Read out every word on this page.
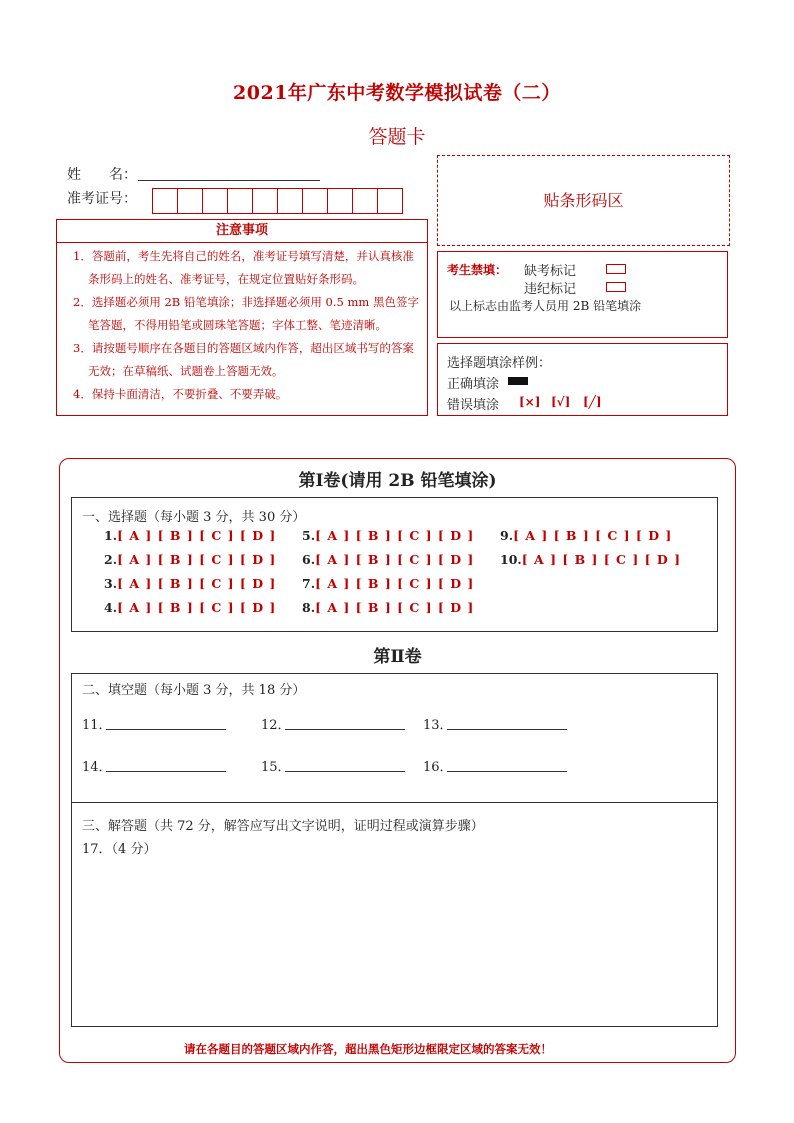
2021年广东中考数学模拟试卷（二）
答题卡
姓　　名：
准考证号：	贴条形码区
注意事项
1．答题前，考生先将自己的姓名，准考证号填写清楚，并认真核准条形码上的姓名、准考证号，在规定位置贴好条形码。
2．选择题必须用 2B 铅笔填涂；非选择题必须用 0.5 mm 黑色签字笔答题，不得用铅笔或圆珠笔答题；字体工整、笔迹清晰。
3．请按题号顺序在各题目的答题区域内作答，超出区域书写的答案无效；在草稿纸、试题卷上答题无效。
4．保持卡面清洁，不要折叠、不要弄破。
考生禁填： 缺考标记
违纪标记
以上标志由监考人员用 2B 铅笔填涂
选择题填涂样例：
正确填涂
错误填涂 [×] [√] [╱]
第Ⅰ卷(请用 2B 铅笔填涂)
一、选择题（每小题 3 分，共 30 分）
1.[ A ] [ B ] [ C ] [ D ]
2.[ A ] [ B ] [ C ] [ D ]
3.[ A ] [ B ] [ C ] [ D ]
4.[ A ] [ B ] [ C ] [ D ]
5.[ A ] [ B ] [ C ] [ D ]
6.[ A ] [ B ] [ C ] [ D ]
7.[ A ] [ B ] [ C ] [ D ]
8.[ A ] [ B ] [ C ] [ D ]
9.[ A ] [ B ] [ C ] [ D ]
10.[ A ] [ B ] [ C ] [ D ]
第Ⅱ卷
二、填空题（每小题 3 分，共 18 分）
11．	12．	13．
14．	15．	16．
三、解答题（共 72 分，解答应写出文字说明，证明过程或演算步骤）
17．（4 分）
请在各题目的答题区域内作答，超出黑色矩形边框限定区域的答案无效！
